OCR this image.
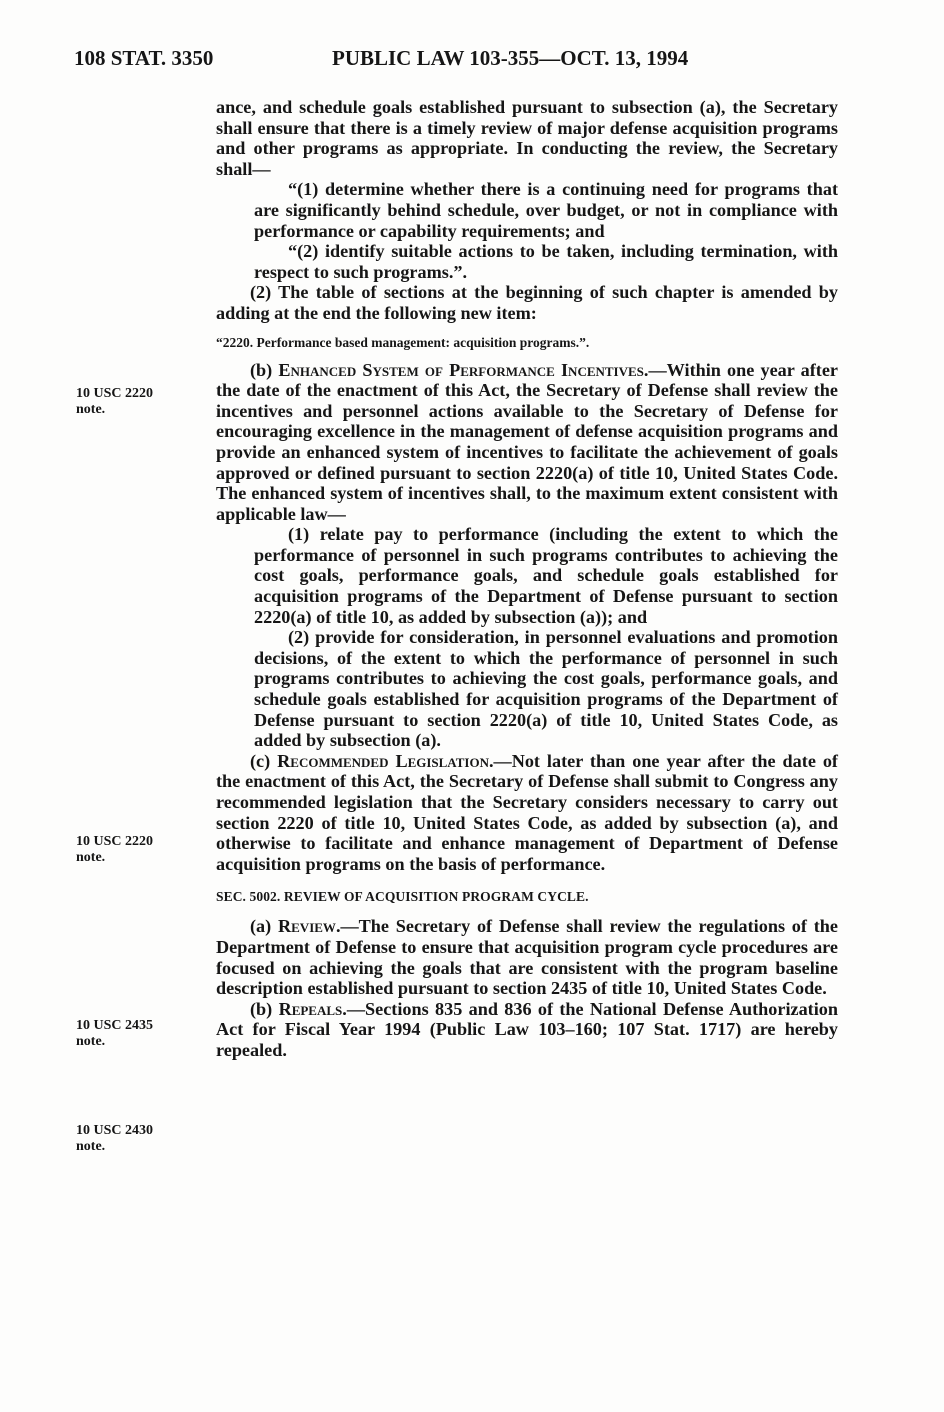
108 STAT. 3350	PUBLIC LAW 103-355—OCT. 13, 1994
10 USC 2220
note.
10 USC 2220
note.
10 USC 2435
note.
10 USC 2430
note.

ance, and schedule goals established pursuant to subsection (a), the Secretary shall ensure that there is a timely review of major defense acquisition programs and other programs as appropriate. In conducting the review, the Secretary shall—

“(1) determine whether there is a continuing need for programs that are significantly behind schedule, over budget, or not in compliance with performance or capability requirements; and

“(2) identify suitable actions to be taken, including termination, with respect to such programs.”.

(2) The table of sections at the beginning of such chapter is amended by adding at the end the following new item:

“2220. Performance based management: acquisition programs.”.

(b) Enhanced System of Performance Incentives.—Within one year after the date of the enactment of this Act, the Secretary of Defense shall review the incentives and personnel actions available to the Secretary of Defense for encouraging excellence in the management of defense acquisition programs and provide an enhanced system of incentives to facilitate the achievement of goals approved or defined pursuant to section 2220(a) of title 10, United States Code. The enhanced system of incentives shall, to the maximum extent consistent with applicable law—

(1) relate pay to performance (including the extent to which the performance of personnel in such programs contributes to achieving the cost goals, performance goals, and schedule goals established for acquisition programs of the Department of Defense pursuant to section 2220(a) of title 10, as added by subsection (a)); and

(2) provide for consideration, in personnel evaluations and promotion decisions, of the extent to which the performance of personnel in such programs contributes to achieving the cost goals, performance goals, and schedule goals established for acquisition programs of the Department of Defense pursuant to section 2220(a) of title 10, United States Code, as added by subsection (a).

(c) Recommended Legislation.—Not later than one year after the date of the enactment of this Act, the Secretary of Defense shall submit to Congress any recommended legislation that the Secretary considers necessary to carry out section 2220 of title 10, United States Code, as added by subsection (a), and otherwise to facilitate and enhance management of Department of Defense acquisition programs on the basis of performance.

SEC. 5002. REVIEW OF ACQUISITION PROGRAM CYCLE.

(a) Review.—The Secretary of Defense shall review the regulations of the Department of Defense to ensure that acquisition program cycle procedures are focused on achieving the goals that are consistent with the program baseline description established pursuant to section 2435 of title 10, United States Code.

(b) Repeals.—Sections 835 and 836 of the National Defense Authorization Act for Fiscal Year 1994 (Public Law 103–160; 107 Stat. 1717) are hereby repealed.
